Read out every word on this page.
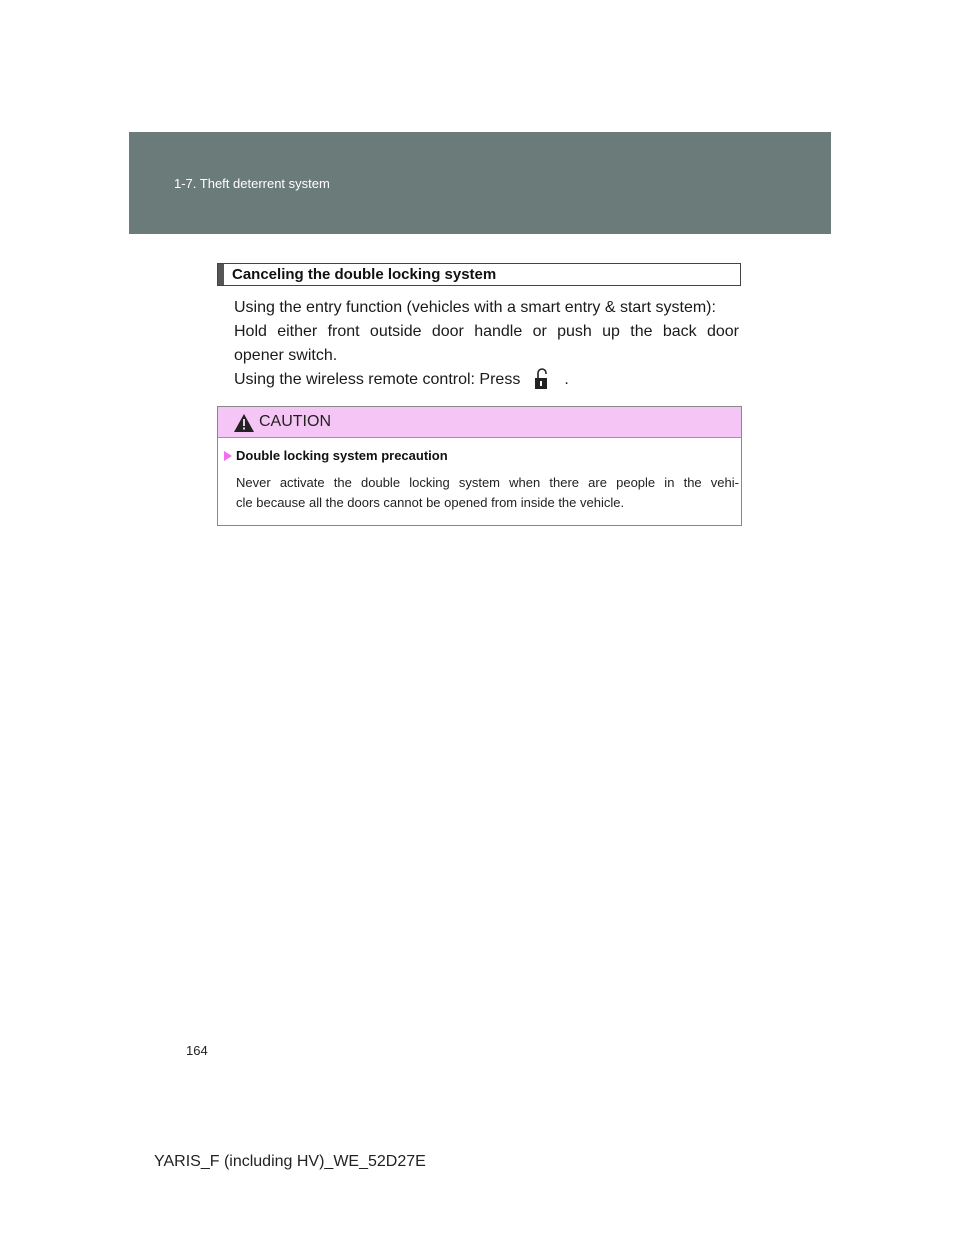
1-7. Theft deterrent system
Canceling the double locking system

Using the entry function (vehicles with a smart entry & start system):

Hold either front outside door handle or push up the back door

opener switch.

Using the wireless remote control: Press	.

CAUTION
Double locking system precaution
Never activate the double locking system when there are people in the vehi-
cle because all the doors cannot be opened from inside the vehicle.
164
YARIS_F (including HV)_WE_52D27E
